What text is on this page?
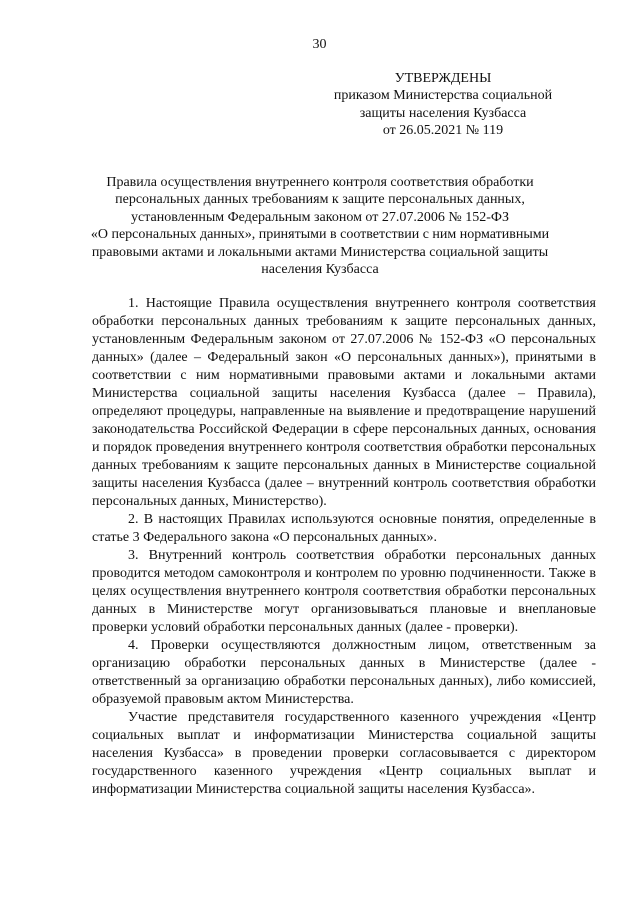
30
УТВЕРЖДЕНЫ
приказом Министерства социальной
защиты населения Кузбасса
от 26.05.2021 № 119
Правила осуществления внутреннего контроля соответствия обработки
персональных данных требованиям к защите персональных данных,
установленным Федеральным законом от 27.07.2006 № 152-ФЗ
«О персональных данных», принятыми в соответствии с ним нормативными
правовыми актами и локальными актами Министерства социальной защиты
населения Кузбасса

1. Настоящие Правила осуществления внутреннего контроля соответствия обработки персональных данных требованиям к защите персональных данных, установленным Федеральным законом от 27.07.2006 № 152-ФЗ «О персональных данных» (далее – Федеральный закон «О персональных данных»), принятыми в соответствии с ним нормативными правовыми актами и локальными актами Министерства социальной защиты населения Кузбасса (далее – Правила), определяют процедуры, направленные на выявление и предотвращение нарушений законодательства Российской Федерации в сфере персональных данных, основания и порядок проведения внутреннего контроля соответствия обработки персональных данных требованиям к защите персональных данных в Министерстве социальной защиты населения Кузбасса (далее – внутренний контроль соответствия обработки персональных данных, Министерство).

2. В настоящих Правилах используются основные понятия, определенные в статье 3 Федерального закона «О персональных данных».

3. Внутренний контроль соответствия обработки персональных данных проводится методом самоконтроля и контролем по уровню подчиненности. Также в целях осуществления внутреннего контроля соответствия обработки персональных данных в Министерстве могут организовываться плановые и внеплановые проверки условий обработки персональных данных (далее - проверки).

4. Проверки осуществляются должностным лицом, ответственным за организацию обработки персональных данных в Министерстве (далее - ответственный за организацию обработки персональных данных), либо комиссией, образуемой правовым актом Министерства.

Участие представителя государственного казенного учреждения «Центр социальных выплат и информатизации Министерства социальной защиты населения Кузбасса» в проведении проверки согласовывается с директором государственного казенного учреждения «Центр социальных выплат и информатизации Министерства социальной защиты населения Кузбасса».
